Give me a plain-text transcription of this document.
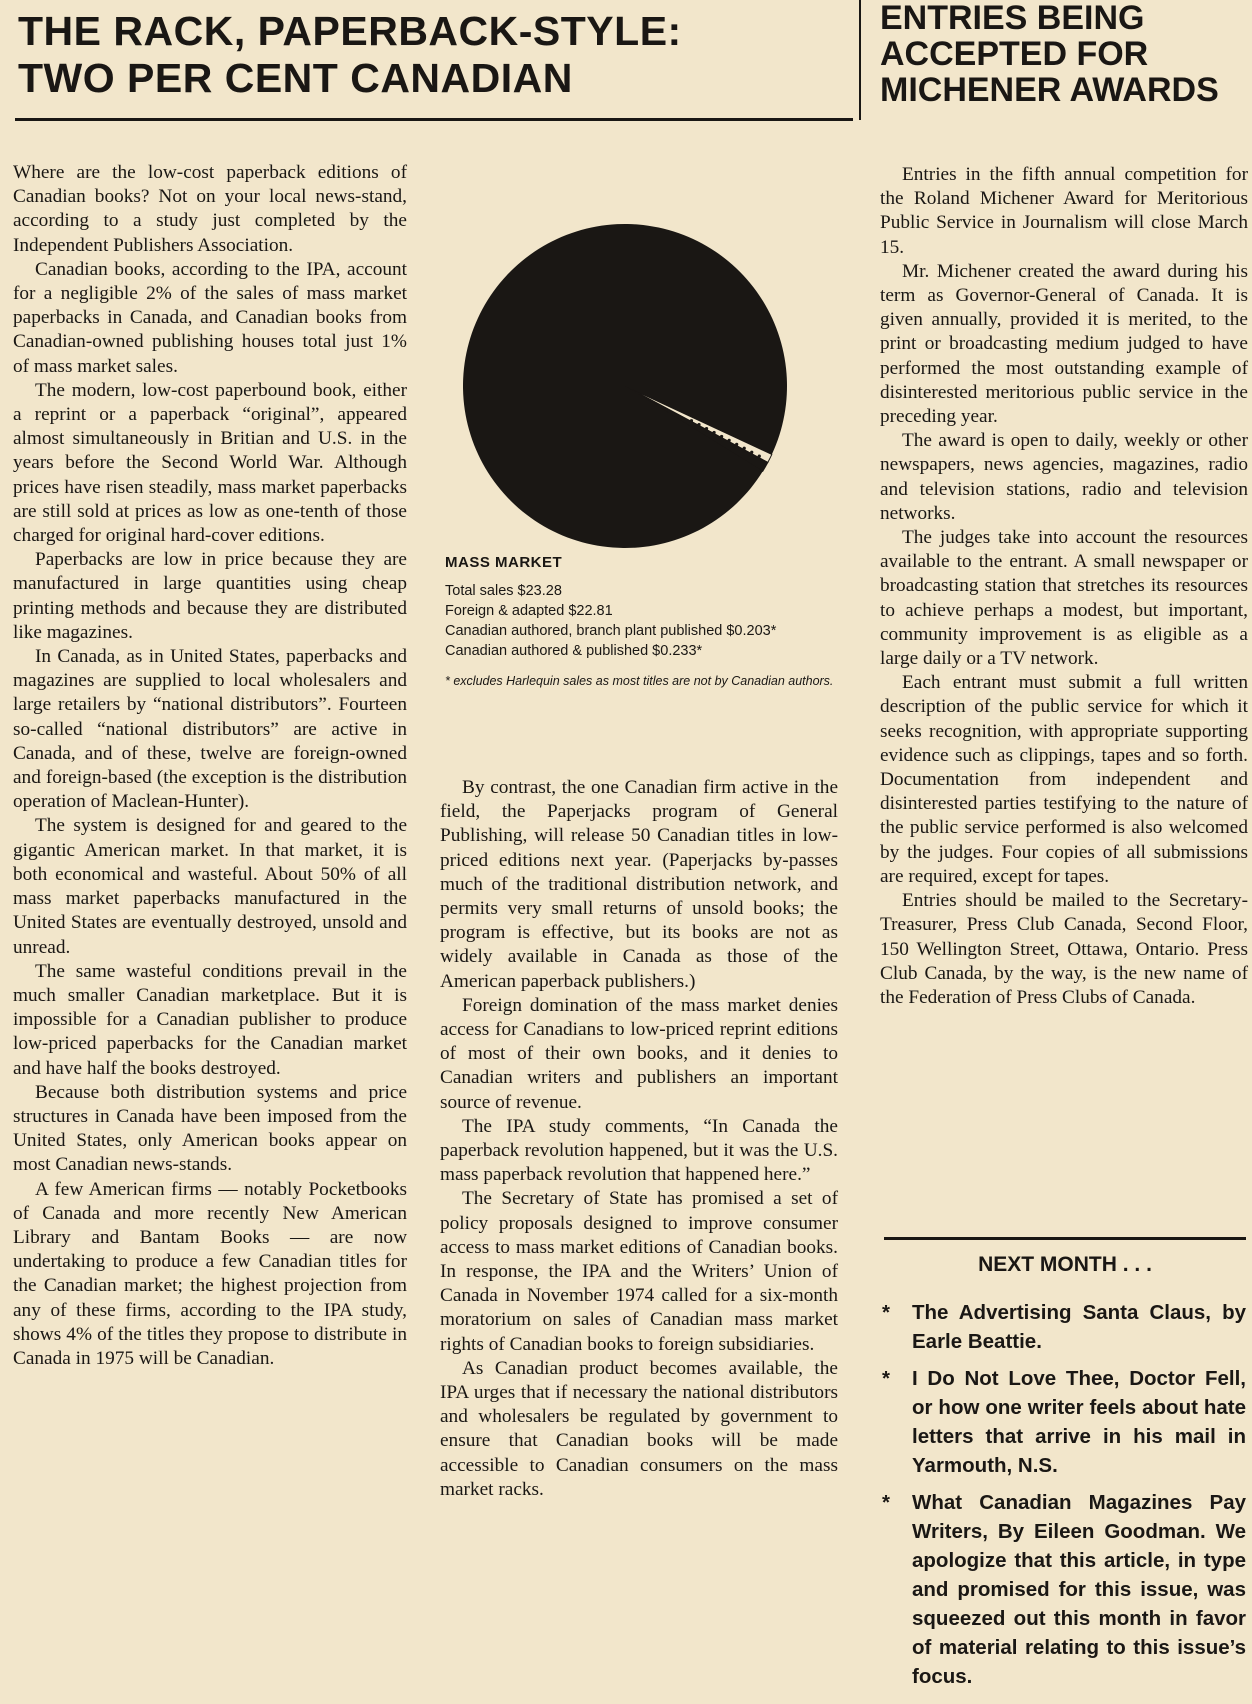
THE RACK, PAPERBACK-STYLE:
TWO PER CENT CANADIAN
ENTRIES BEING
ACCEPTED FOR
MICHENER AWARDS

Where are the low-cost paperback editions of Canadian books? Not on your local news-stand, according to a study just completed by the Independent Publishers Association.

Canadian books, according to the IPA, account for a negligible 2% of the sales of mass market paperbacks in Canada, and Canadian books from Canadian-owned publishing houses total just 1% of mass market sales.

The modern, low-cost paperbound book, either a reprint or a paperback “original”, appeared almost simultaneously in Britian and U.S. in the years before the Second World War. Although prices have risen steadily, mass market paperbacks are still sold at prices as low as one-tenth of those charged for original hard-cover editions.

Paperbacks are low in price because they are manufactured in large quantities using cheap printing methods and because they are distributed like magazines.

In Canada, as in United States, paperbacks and magazines are supplied to local wholesalers and large retailers by “national distributors”. Fourteen so-called “national distributors” are active in Canada, and of these, twelve are foreign-owned and foreign-based (the exception is the distribution operation of Maclean-Hunter).

The system is designed for and geared to the gigantic American market. In that market, it is both economical and wasteful. About 50% of all mass market paperbacks manufactured in the United States are eventually destroyed, unsold and unread.

The same wasteful conditions prevail in the much smaller Canadian marketplace. But it is impossible for a Canadian publisher to produce low-priced paperbacks for the Canadian market and have half the books destroyed.

Because both distribution systems and price structures in Canada have been imposed from the United States, only American books appear on most Canadian news-stands.

A few American firms — notably Pocketbooks of Canada and more recently New American Library and Bantam Books — are now undertaking to produce a few Canadian titles for the Canadian market; the highest projection from any of these firms, according to the IPA study, shows 4% of the titles they propose to distribute in Canada in 1975 will be Canadian.

MASS MARKET

Total sales $23.28

Foreign & adapted $22.81

Canadian authored, branch plant published $0.203*

Canadian authored & published $0.233*

* excludes Harlequin sales as most titles are not by Canadian authors.

By contrast, the one Canadian firm active in the field, the Paperjacks program of General Publishing, will release 50 Canadian titles in low-priced editions next year. (Paperjacks by-passes much of the traditional distribution network, and permits very small returns of unsold books; the program is effective, but its books are not as widely available in Canada as those of the American paperback publishers.)

Foreign domination of the mass market denies access for Canadians to low-priced reprint editions of most of their own books, and it denies to Canadian writers and publishers an important source of revenue.

The IPA study comments, “In Canada the paperback revolution happened, but it was the U.S. mass paperback revolution that happened here.”

The Secretary of State has promised a set of policy proposals designed to improve consumer access to mass market editions of Canadian books. In response, the IPA and the Writers’ Union of Canada in November 1974 called for a six-month moratorium on sales of Canadian mass market rights of Canadian books to foreign subsidiaries.

As Canadian product becomes available, the IPA urges that if necessary the national distributors and wholesalers be regulated by government to ensure that Canadian books will be made accessible to Canadian consumers on the mass market racks.

Entries in the fifth annual competition for the Roland Michener Award for Meritorious Public Service in Journalism will close March 15.

Mr. Michener created the award during his term as Governor-General of Canada. It is given annually, provided it is merited, to the print or broadcasting medium judged to have performed the most outstanding example of disinterested meritorious public service in the preceding year.

The award is open to daily, weekly or other newspapers, news agencies, magazines, radio and television stations, radio and television networks.

The judges take into account the resources available to the entrant. A small newspaper or broadcasting station that stretches its resources to achieve perhaps a modest, but important, community improvement is as eligible as a large daily or a TV network.

Each entrant must submit a full written description of the public service for which it seeks recognition, with appropriate supporting evidence such as clippings, tapes and so forth. Documentation from independent and disinterested parties testifying to the nature of the public service performed is also welcomed by the judges. Four copies of all submissions are required, except for tapes.

Entries should be mailed to the Secretary-Treasurer, Press Club Canada, Second Floor, 150 Wellington Street, Ottawa, Ontario. Press Club Canada, by the way, is the new name of the Federation of Press Clubs of Canada.

NEXT MONTH . . .

* The Advertising Santa Claus, by Earle Beattie.
* I Do Not Love Thee, Doctor Fell, or how one writer feels about hate letters that arrive in his mail in Yarmouth, N.S.
* What Canadian Magazines Pay Writers, By Eileen Goodman. We apologize that this article, in type and promised for this issue, was squeezed out this month in favor of material relating to this issue’s focus.
